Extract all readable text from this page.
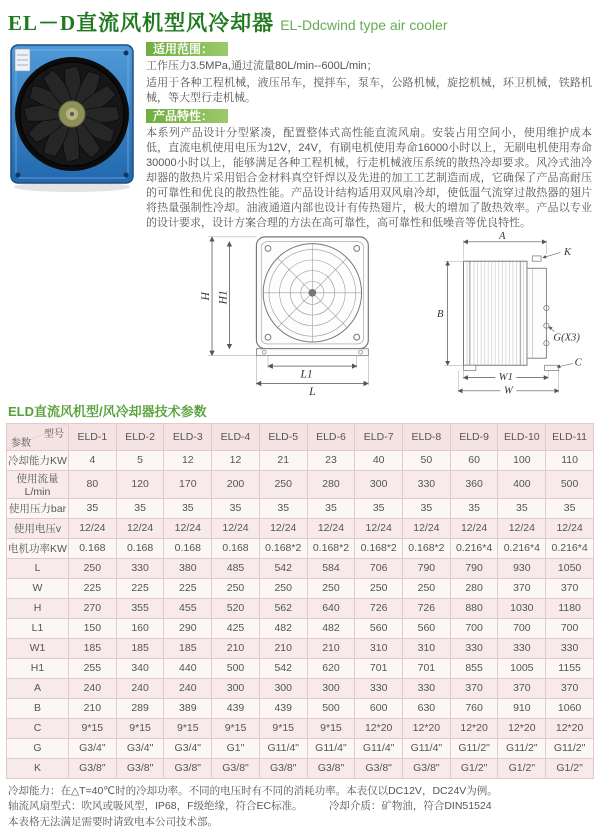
EL－D直流风机型风冷却器 EL-Ddcwind type air cooler
适用范围：

工作压力3.5MPa,通过流量80L/min--600L/min；

适用于各种工程机械，液压吊车，搅拌车，泵车，公路机械，旋挖机械，环卫机械，铁路机械，等大型行走机械。

产品特性：

本系列产品设计分型紧凑，配置整体式高性能直流风扇。安装占用空间小，使用维护成本低，直流电机使用电压为12V，24V，有刷电机使用寿命16000小时以上，无刷电机使用寿命30000小时以上，能够满足各种工程机械，行走机械液压系统的散热冷却要求。风冷式油冷却器的散热片采用铝合金材料真空钎焊以及先进的加工工艺制造而成，它确保了产品高耐压的可靠性和优良的散热性能。产品设计结构适用双风扇冷却，使低温气流穿过散热器的翅片将热量强制性冷却。油液通道内部也设计有传热翅片，极大的增加了散热效率。产品以专业的设计要求，设计方案合理的方法在高可靠性，高可靠性和低噪音等优良特性。

H H1
L1
L
A
K
G(X3)
B
C
W1
W
ELD直流风机型/风冷却器技术参数
型号
参数	ELD-1	ELD-2	ELD-3	ELD-4	ELD-5	ELD-6	ELD-7	ELD-8	ELD-9	ELD-10	ELD-11
冷却能力KW	4	5	12	12	21	23	40	50	60	100	110
使用流量L/min	80	120	170	200	250	280	300	330	360	400	500
使用压力bar	35	35	35	35	35	35	35	35	35	35	35
使用电压v	12/24	12/24	12/24	12/24	12/24	12/24	12/24	12/24	12/24	12/24	12/24
电机功率KW	0.168	0.168	0.168	0.168	0.168*2	0.168*2	0.168*2	0.168*2	0.216*4	0.216*4	0.216*4
L	250	330	380	485	542	584	706	790	790	930	1050
W	225	225	225	250	250	250	250	250	280	370	370
H	270	355	455	520	562	640	726	726	880	1030	1180
L1	150	160	290	425	482	482	560	560	700	700	700
W1	185	185	185	210	210	210	310	310	330	330	330
H1	255	340	440	500	542	620	701	701	855	1005	1155
A	240	240	240	300	300	300	330	330	370	370	370
B	210	289	389	439	439	500	600	630	760	910	1060
C	9*15	9*15	9*15	9*15	9*15	9*15	12*20	12*20	12*20	12*20	12*20
G	G3/4"	G3/4"	G3/4"	G1"	G11/4"	G11/4"	G11/4"	G11/4"	G11/2"	G11/2"	G11/2"
K	G3/8"	G3/8"	G3/8"	G3/8"	G3/8"	G3/8"	G3/8"	G3/8"	G1/2"	G1/2"	G1/2"

冷却能力：在△T=40℃时的冷却功率。不同的电压时有不同的消耗功率。本表仅以DC12V，DC24V为例。

轴流风扇型式：吹风或吸风型，IP68，F级绝缘，符合EC标准。　　　冷却介质：矿物油，符合DIN51524

本表格无法满足需要时请致电本公司技术部。
